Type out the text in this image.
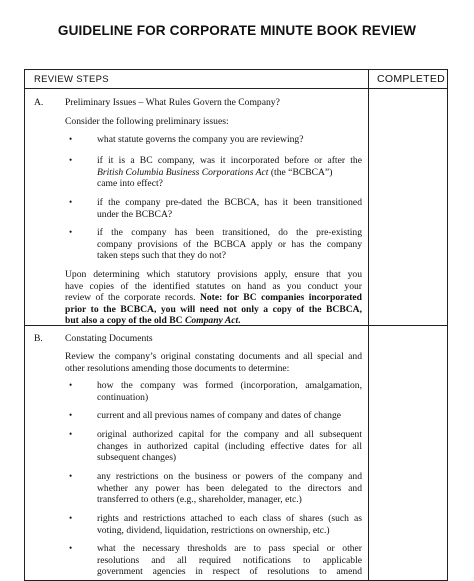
GUIDELINE FOR CORPORATE MINUTE BOOK REVIEW
REVIEW STEPS	COMPLETED
A. Preliminary Issues – What Rules Govern the Company?
Consider the following preliminary issues:
•	what statute governs the company you are reviewing?
•	if it is a BC company, was it incorporated before or after the
British Columbia Business Corporations Act (the “BCBCA”)
came into effect?
•	if the company pre-dated the BCBCA, has it been transitioned
under the BCBCA?
•	if the company has been transitioned, do the pre-existing
company provisions of the BCBCA apply or has the company
taken steps such that they do not?
Upon determining which statutory provisions apply, ensure that you
have copies of the identified statutes on hand as you conduct your
review of the corporate records. Note: for BC companies incorporated
prior to the BCBCA, you will need not only a copy of the BCBCA,
but also a copy of the old BC Company Act.
B. Constating Documents
Review the company’s original constating documents and all special and
other resolutions amending those documents to determine:
•	how the company was formed (incorporation, amalgamation,
continuation)
•	current and all previous names of company and dates of change
•	original authorized capital for the company and all subsequent
changes in authorized capital (including effective dates for all
subsequent changes)
•	any restrictions on the business or powers of the company and
whether any power has been delegated to the directors and
transferred to others (e.g., shareholder, manager, etc.)
•	rights and restrictions attached to each class of shares (such as
voting, dividend, liquidation, restrictions on ownership, etc.)
•	what the necessary thresholds are to pass special or other
resolutions and all required notifications to applicable
government agencies in respect of resolutions to amend
